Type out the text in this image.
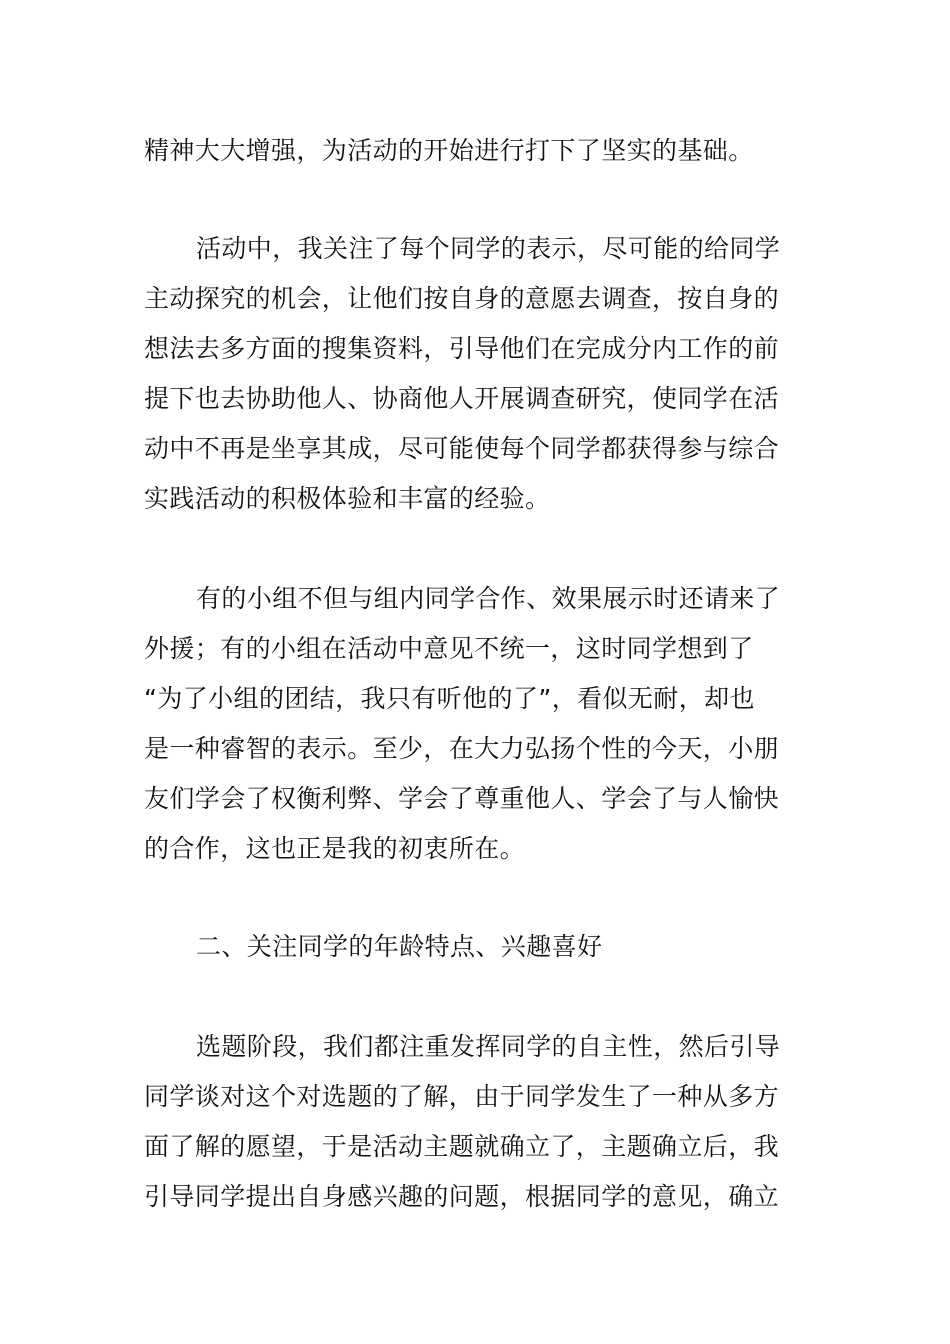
精神大大增强，为活动的开始进行打下了坚实的基础。
活动中，我关注了每个同学的表示，尽可能的给同学
主动探究的机会，让他们按自身的意愿去调查，按自身的
想法去多方面的搜集资料，引导他们在完成分内工作的前
提下也去协助他人、协商他人开展调查研究，使同学在活
动中不再是坐享其成，尽可能使每个同学都获得参与综合
实践活动的积极体验和丰富的经验。
有的小组不但与组内同学合作、效果展示时还请来了
外援；有的小组在活动中意见不统一，这时同学想到了
“为了小组的团结，我只有听他的了”，看似无耐，却也
是一种睿智的表示。至少，在大力弘扬个性的今天，小朋
友们学会了权衡利弊、学会了尊重他人、学会了与人愉快
的合作，这也正是我的初衷所在。
二、关注同学的年龄特点、兴趣喜好
选题阶段，我们都注重发挥同学的自主性，然后引导
同学谈对这个对选题的了解，由于同学发生了一种从多方
面了解的愿望，于是活动主题就确立了，主题确立后，我
引导同学提出自身感兴趣的问题，根据同学的意见，确立
